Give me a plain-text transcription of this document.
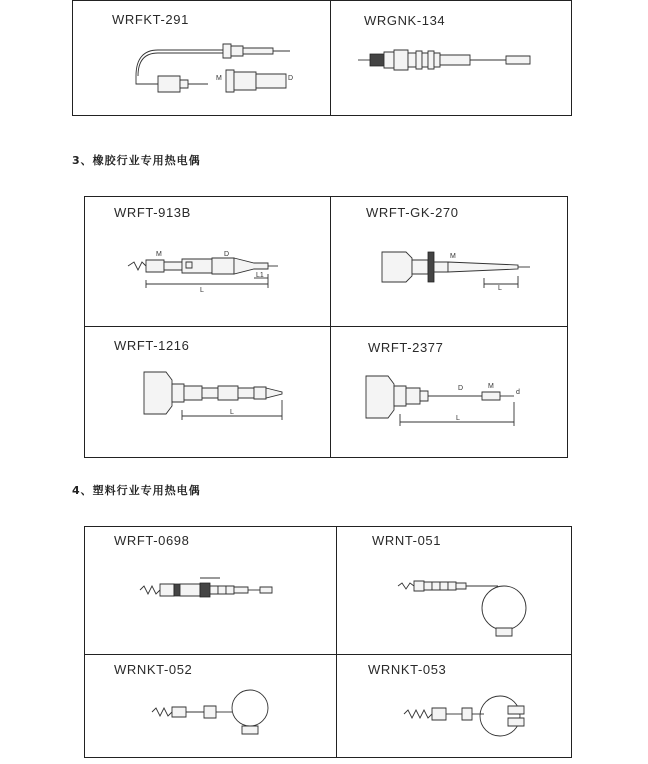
WRFKT-291	WRGNK-134
M	D
3、橡胶行业专用热电偶
WRFT-913B	WRFT-GK-270
WRFT-1216	WRFT-2377
L
L1
M	D
L
M
L
L
D	M
d
4、塑料行业专用热电偶
WRFT-0698	WRNT-051
WRNKT-052	WRNKT-053
